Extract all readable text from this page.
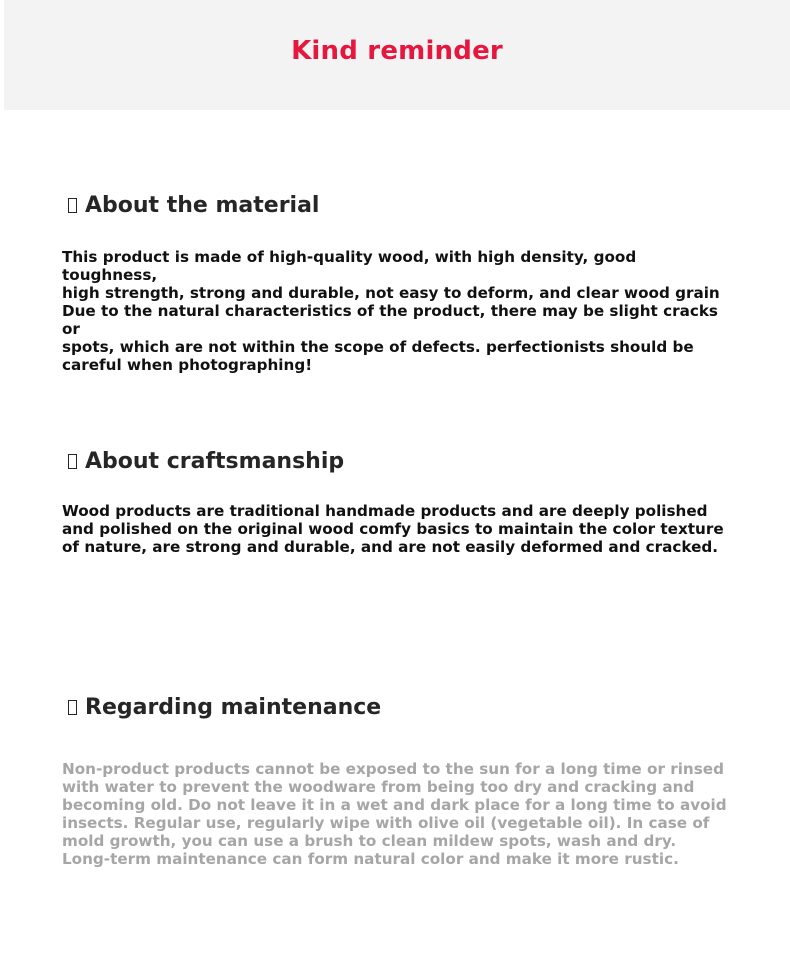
Kind reminder
About the material
This product is made of high-quality wood, with high density, good toughness,
high strength, strong and durable, not easy to deform, and clear wood grain
Due to the natural characteristics of the product, there may be slight cracks or
spots, which are not within the scope of defects. perfectionists should be
careful when photographing!
About craftsmanship
Wood products are traditional handmade products and are deeply polished
and polished on the original wood comfy basics to maintain the color texture
of nature, are strong and durable, and are not easily deformed and cracked.
Regarding maintenance
Non-product products cannot be exposed to the sun for a long time or rinsed
with water to prevent the woodware from being too dry and cracking and
becoming old. Do not leave it in a wet and dark place for a long time to avoid
insects. Regular use, regularly wipe with olive oil (vegetable oil). In case of
mold growth, you can use a brush to clean mildew spots, wash and dry.
Long-term maintenance can form natural color and make it more rustic.
